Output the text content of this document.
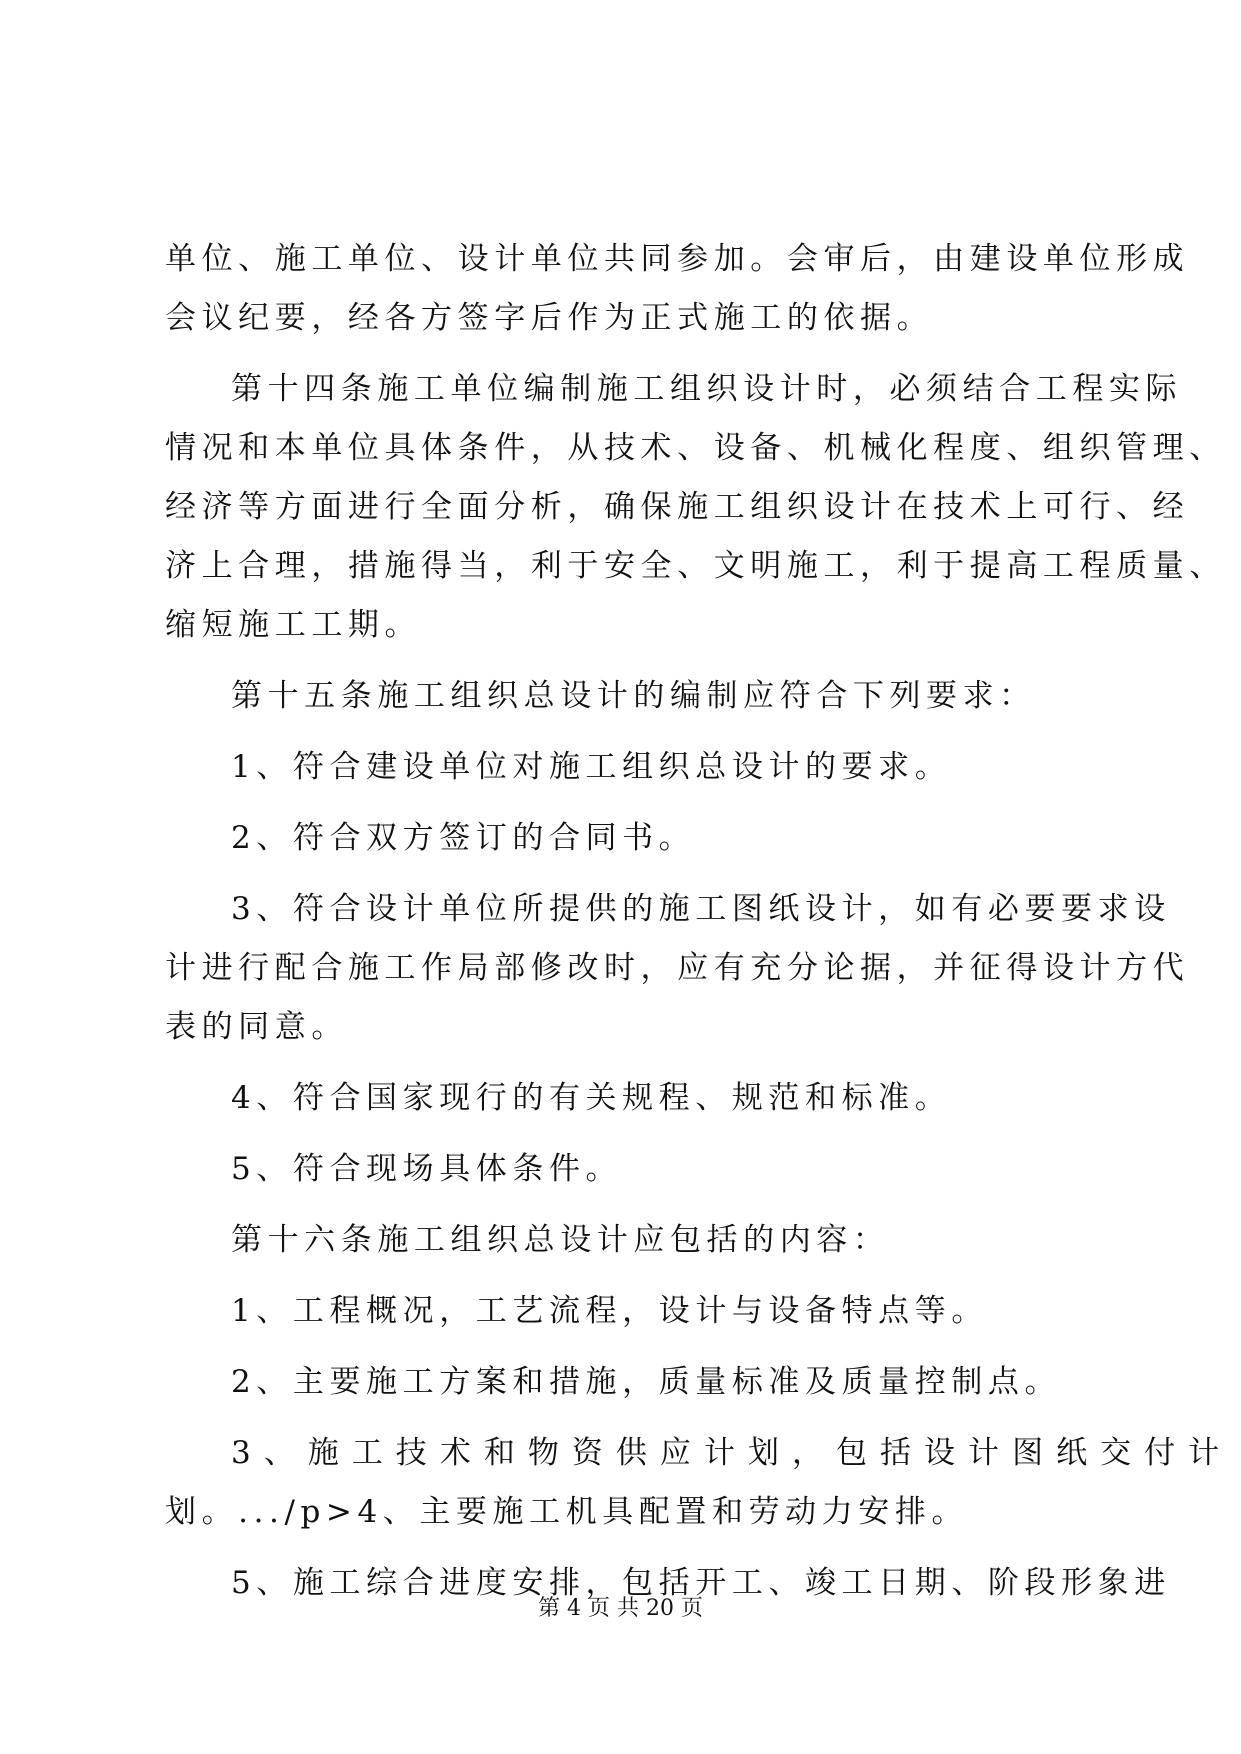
单位、施工单位、设计单位共同参加。会审后，由建设单位形成
会议纪要，经各方签字后作为正式施工的依据。
第十四条施工单位编制施工组织设计时，必须结合工程实际
情况和本单位具体条件，从技术、设备、机械化程度、组织管理、
经济等方面进行全面分析，确保施工组织设计在技术上可行、经
济上合理，措施得当，利于安全、文明施工，利于提高工程质量、
缩短施工工期。
第十五条施工组织总设计的编制应符合下列要求：
1、符合建设单位对施工组织总设计的要求。
2、符合双方签订的合同书。
3、符合设计单位所提供的施工图纸设计，如有必要要求设
计进行配合施工作局部修改时，应有充分论据，并征得设计方代
表的同意。
4、符合国家现行的有关规程、规范和标准。
5、符合现场具体条件。
第十六条施工组织总设计应包括的内容：
1、工程概况，工艺流程，设计与设备特点等。
2、主要施工方案和措施，质量标准及质量控制点。
3、施工技术和物资供应计划，包括设计图纸交付计
划。.../p>4、主要施工机具配置和劳动力安排。
5、施工综合进度安排，包括开工、竣工日期、阶段形象进
第 4 页 共 20 页
